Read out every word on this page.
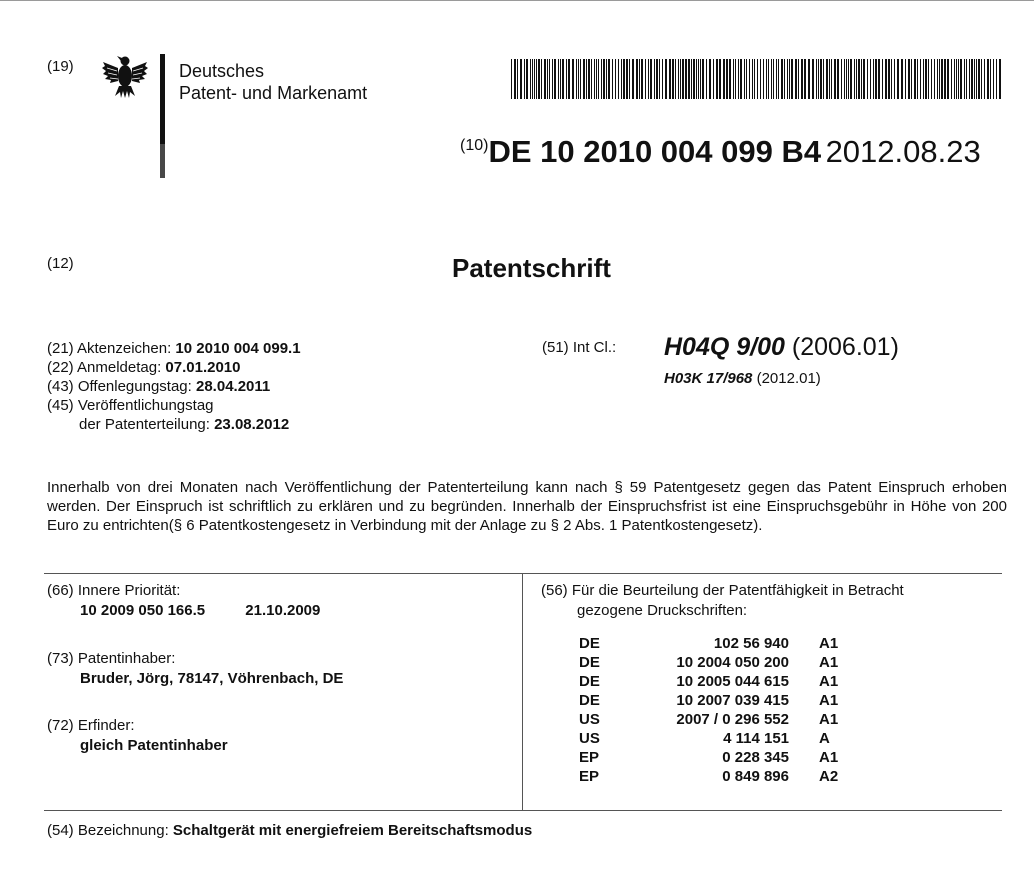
(19)	Deutsches
Patent- und Markenamt
(10)DE 10 2010 004 099 B4 2012.08.23
(12)	Patentschrift
(21) Aktenzeichen: 10 2010 004 099.1
(22) Anmeldetag: 07.01.2010
(43) Offenlegungstag: 28.04.2011
(45) Veröffentlichungstag
der Patenterteilung: 23.08.2012
(51) Int Cl.: H04Q 9/00 (2006.01)
H03K 17/968 (2012.01)
Innerhalb von drei Monaten nach Veröffentlichung der Patenterteilung kann nach § 59 Patentgesetz gegen das Patent Einspruch erhoben werden. Der Einspruch ist schriftlich zu erklären und zu begründen. Innerhalb der Einspruchsfrist ist eine Einspruchsgebühr in Höhe von 200 Euro zu entrichten(§ 6 Patentkostengesetz in Verbindung mit der Anlage zu § 2 Abs. 1 Patentkostengesetz).
(66) Innere Priorität:
10 2009 050 166.5	21.10.2009
(73) Patentinhaber:
Bruder, Jörg, 78147, Vöhrenbach, DE
(72) Erfinder:
gleich Patentinhaber
(56) Für die Beurteilung der Patentfähigkeit in Betracht
gezogene Druckschriften:
DE	102 56 940	A1
DE	10 2004 050 200	A1
DE	10 2005 044 615	A1
DE	10 2007 039 415	A1
US	2007 / 0 296 552	A1
US	4 114 151	A
EP	0 228 345	A1
EP	0 849 896	A2
(54) Bezeichnung: Schaltgerät mit energiefreiem Bereitschaftsmodus
